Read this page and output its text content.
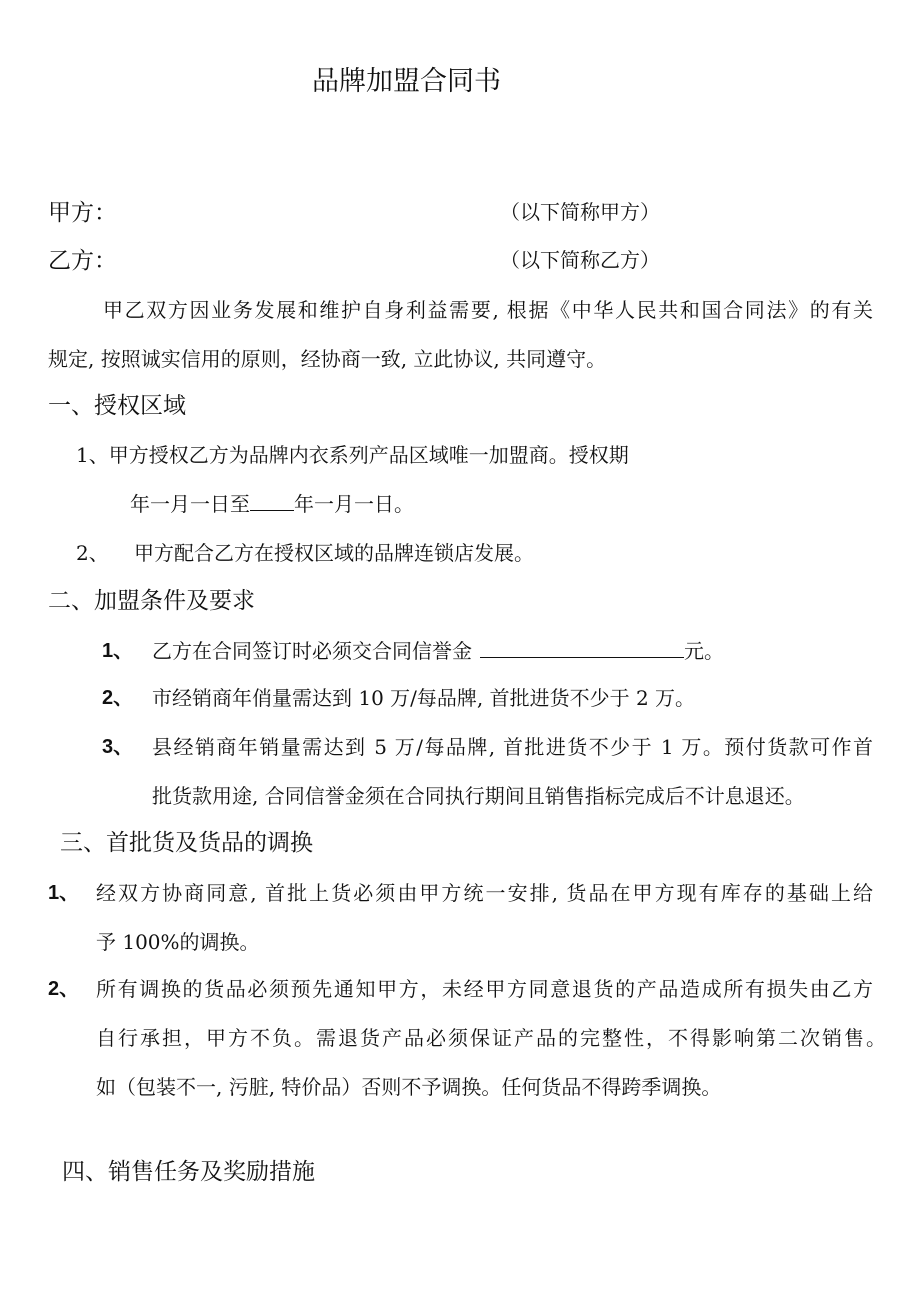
品牌加盟合同书
甲方：	（以下简称甲方）
乙方：	（以下简称乙方）
甲乙双方因业务发展和维护自身利益需要, 根据《中华人民共和国合同法》的有关
规定, 按照诚实信用的原则，经协商一致, 立此协议, 共同遵守。
一、授权区域
1、甲方授权乙方为品牌内衣系列产品区域唯一加盟商。授权期
年一月一日至 年一月一日。
2、 甲方配合乙方在授权区域的品牌连锁店发展。
二、加盟条件及要求
1、 乙方在合同签订时必须交合同信誉金	元。
2、 市经销商年俏量需达到 10 万/每品牌, 首批进货不少于 2 万。
3、 县经销商年销量需达到 5 万/每品牌, 首批进货不少于 1 万。预付货款可作首
批货款用途, 合同信誉金须在合同执行期间且销售指标完成后不计息退还。
三、首批货及货品的调换
1、 经双方协商同意, 首批上货必须由甲方统一安排, 货品在甲方现有库存的基础上给
予 100%的调换。
2、 所有调换的货品必须预先通知甲方，未经甲方同意退货的产品造成所有损失由乙方
自行承担，甲方不负。需退货产品必须保证产品的完整性，不得影响第二次销售。
如（包装不一, 污脏, 特价品）否则不予调换。任何货品不得跨季调换。
四、销售任务及奖励措施
